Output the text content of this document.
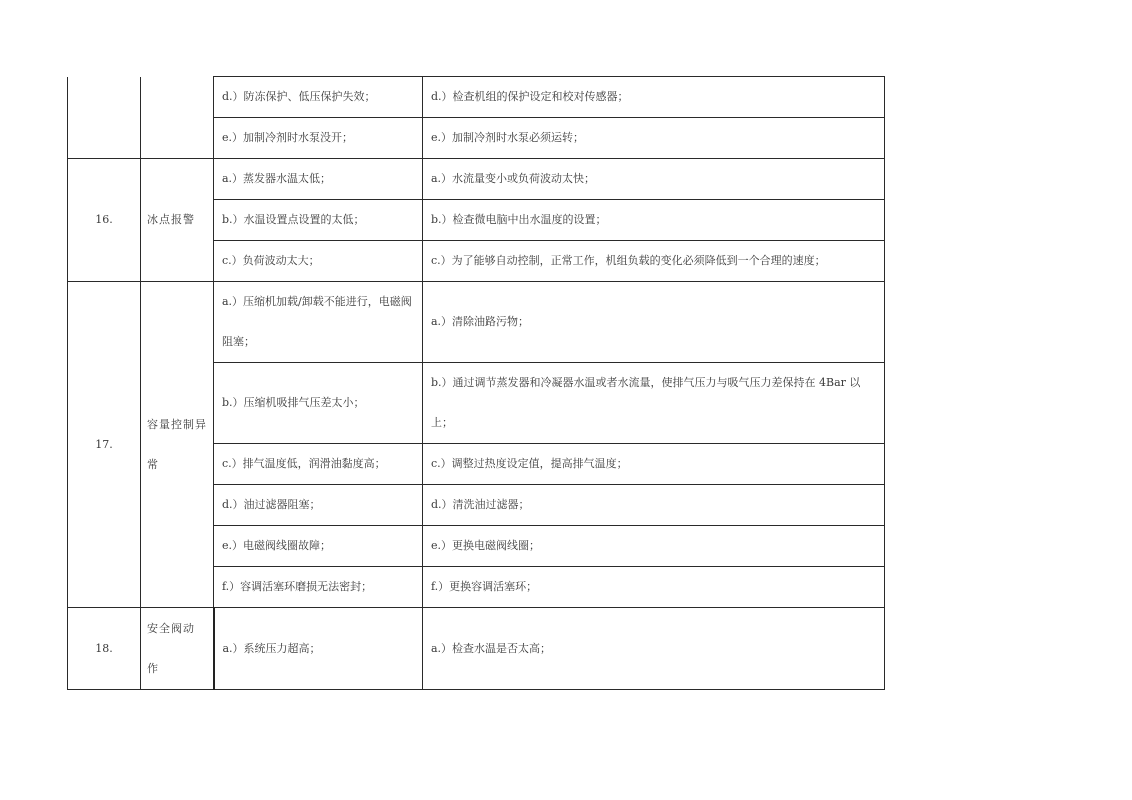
		d.）防冻保护、低压保护失效；	d.）检查机组的保护设定和校对传感器；
		e.）加制冷剂时水泵没开；	e.）加制冷剂时水泵必须运转；
16.	冰点报警	a.）蒸发器水温太低；	a.）水流量变小或负荷波动太快；
		b.）水温设置点设置的太低；	b.）检查微电脑中出水温度的设置；
		c.）负荷波动太大；	c.）为了能够自动控制，正常工作，机组负载的变化必须降低到一个合理的速度；
17.	容量控制异常	a.）压缩机加载/卸载不能进行，电磁阀阻塞；	a.）清除油路污物；
		b.）压缩机吸排气压差太小；	b.）通过调节蒸发器和冷凝器水温或者水流量，使排气压力与吸气压力差保持在 4Bar 以上；
		c.）排气温度低，润滑油黏度高；	c.）调整过热度设定值，提高排气温度；
		d.）油过滤器阻塞；	d.）清洗油过滤器；
		e.）电磁阀线圈故障；	e.）更换电磁阀线圈；
		f.）容调活塞环磨损无法密封；	f.）更换容调活塞环；
18.	安全阀动作	a.）系统压力超高；	a.）检查水温是否太高；
